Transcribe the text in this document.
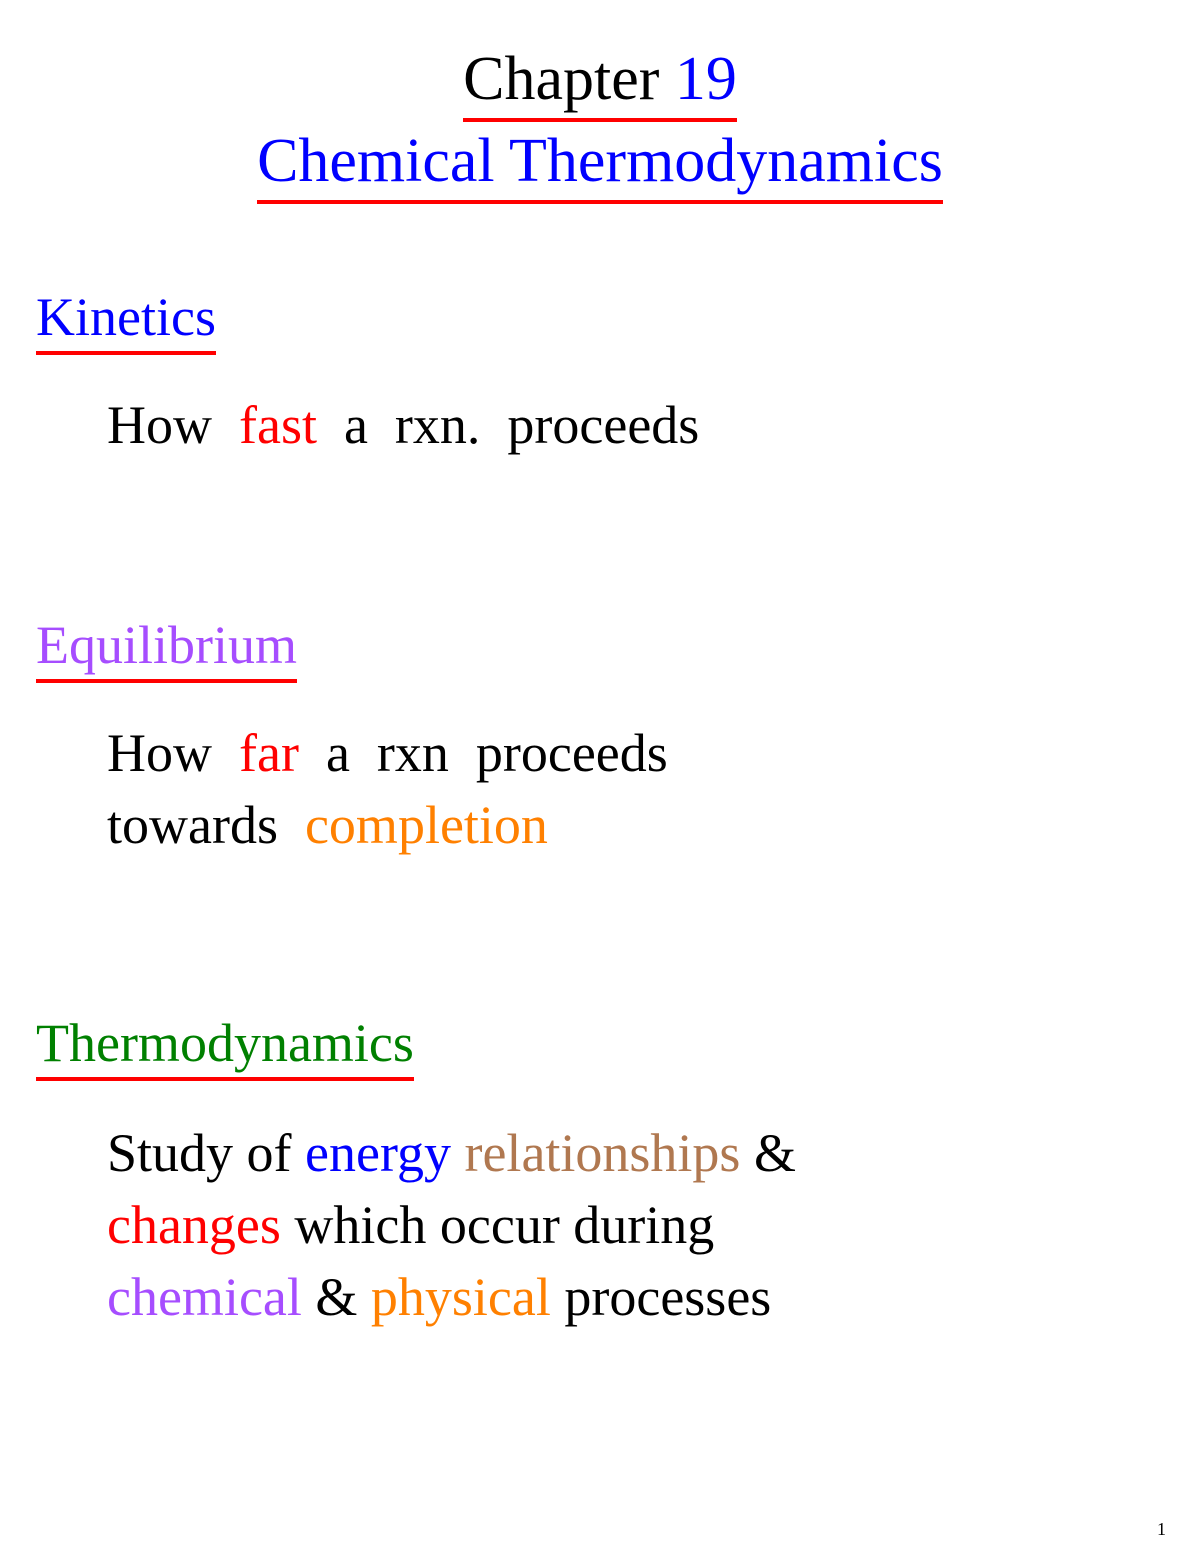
Chapter 19
Chemical Thermodynamics
Kinetics
How  fast  a  rxn.  proceeds
Equilibrium
How  far  a  rxn  proceeds
towards  completion
Thermodynamics
Study of energy relationships &
changes which occur during
chemical & physical processes
1
